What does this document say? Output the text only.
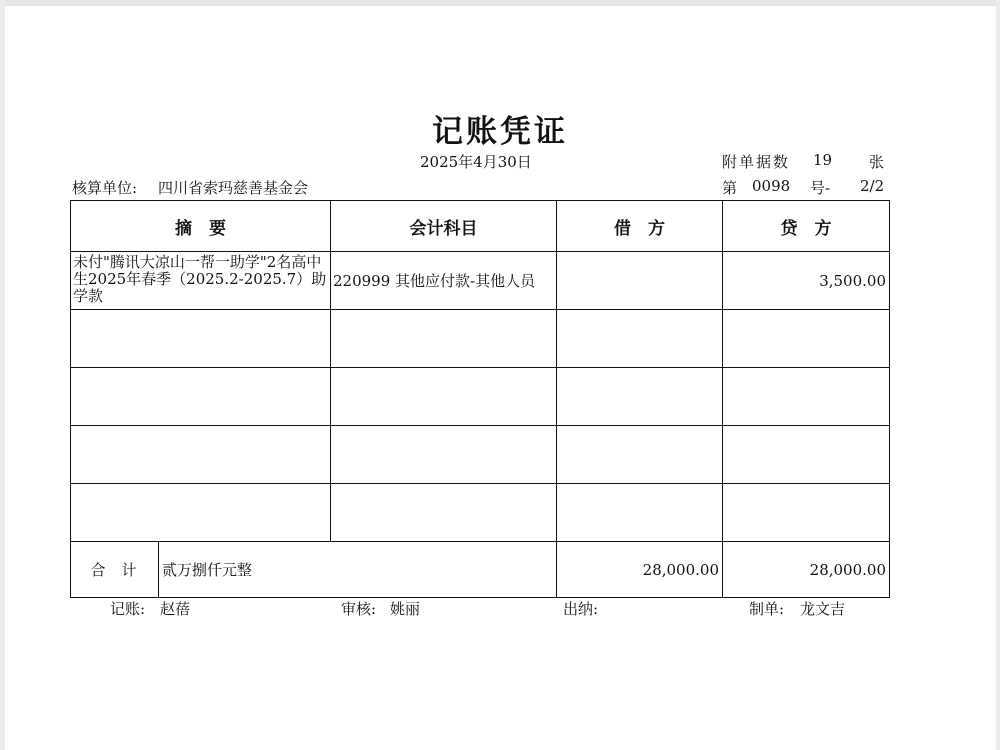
记账凭证
2025年4月30日	附单据数 19 张
核算单位: 四川省索玛慈善基金会	第 0098 号- 2/2
摘　要		会计科目	借　方	贷　方
未付"腾讯大凉山一帮一助学"2名高中生2025年春季（2025.2-2025.7）助学款		220999 其他应付款-其他人员		3,500.00

合计	贰万捌仟元整		28,000.00	28,000.00
记账: 赵蓓	审核: 姚丽	出纳:	制单: 龙文吉
